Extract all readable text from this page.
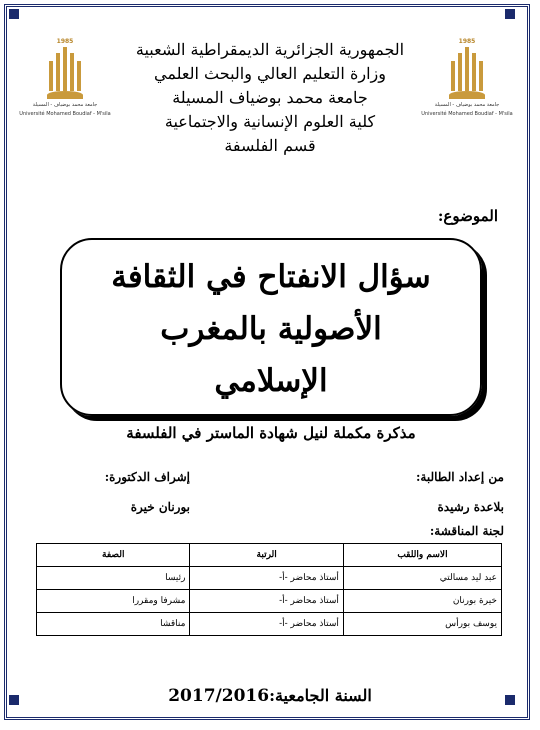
1985
جامعة محمد بوضياف - المسيلة
Université Mohamed Boudiaf - M'sila
1985
جامعة محمد بوضياف - المسيلة
Université Mohamed Boudiaf - M'sila
الجمهورية الجزائرية الديمقراطية الشعبية
وزارة التعليم العالي والبحث العلمي
جامعة محمد بوضياف المسيلة
كلية العلوم الإنسانية والاجتماعية
قسم الفلسفة
الموضوع:
سؤال الانفتاح في الثقافة
الأصولية بالمغرب
الإسلامي
مذكرة مكملة لنيل شهادة الماستر في الفلسفة
من إعداد الطالبة:
بلاعدة رشيدة
إشراف الدكتورة:
بورنان خيرة
لجنة المناقشة:
الاسم واللقب	الرتبة	الصفة
عبد ليد مسالتي	أستاذ محاضر -أ-	رئيسا
خيرة بورنان	أستاذ محاضر -أ-	مشرفا ومقررا
يوسف بورأس	أستاذ محاضر -أ-	مناقشا
السنة الجامعية:2017/2016
